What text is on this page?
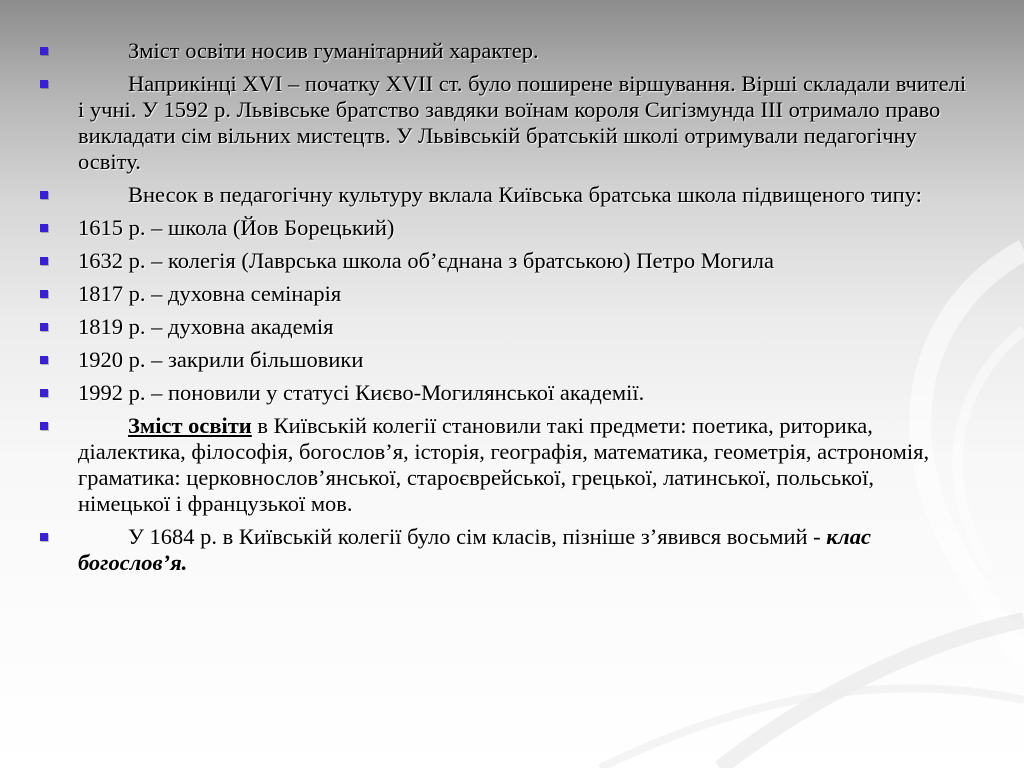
Зміст освіти носив гуманітарний характер.
Наприкінці XVI – початку XVII ст. було поширене віршування. Вірші складали вчителі і учні. У 1592 р. Львівське братство завдяки воїнам короля Сигізмунда ІІІ отримало право викладати сім вільних мистецтв. У Львівській братській школі отримували педагогічну освіту.
Внесок в педагогічну культуру вклала Київська братська школа підвищеного типу:
1615 р. – школа (Йов Борецький)
1632 р. – колегія (Лаврська школа об’єднана з братською) Петро Могила
1817 р. – духовна семінарія
1819 р. – духовна академія
1920 р. – закрили більшовики
1992 р. – поновили у статусі Києво-Могилянської академії.
Зміст освіти в Київській колегії становили такі предмети: поетика, риторика, діалектика, філософія, богослов’я, історія, географія, математика, геометрія, астрономія, граматика: церковнослов’янської, староєврейської, грецької, латинської, польської, німецької і французької мов.
У 1684 р. в Київській колегії було сім класів, пізніше з’явився восьмий - клас богослов’я.
